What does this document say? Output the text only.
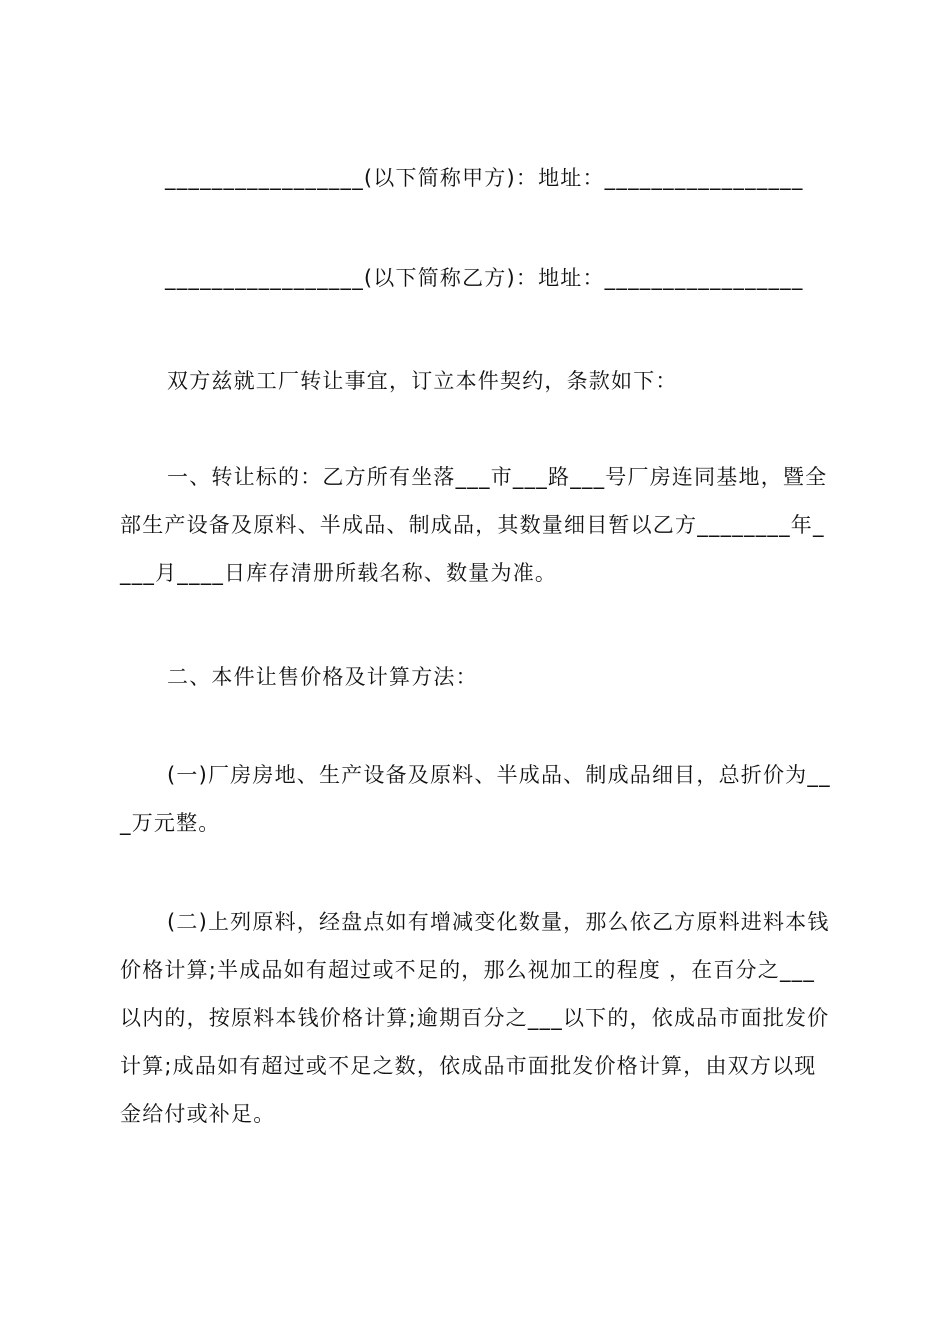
_________________(以下简称甲方)：地址：_________________
_________________(以下简称乙方)：地址：_________________
双方兹就工厂转让事宜，订立本件契约，条款如下：
一、转让标的：乙方所有坐落___市___路___号厂房连同基地，暨全部生产设备及原料、半成品、制成品，其数量细目暂以乙方________年____月____日库存清册所载名称、数量为准。
二、本件让售价格及计算方法：
(一)厂房房地、生产设备及原料、半成品、制成品细目，总折价为___万元整。
(二)上列原料，经盘点如有增减变化数量，那么依乙方原料进料本钱价格计算;半成品如有超过或不足的，那么视加工的程度 ，在百分之___以内的，按原料本钱价格计算;逾期百分之___以下的，依成品市面批发价计算;成品如有超过或不足之数，依成品市面批发价格计算，由双方以现金给付或补足。
